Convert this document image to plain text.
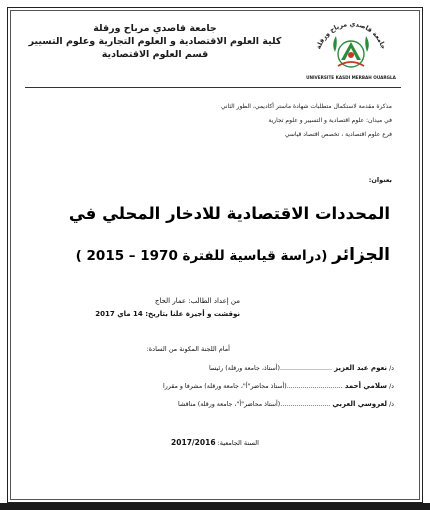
جامعة قاصدي مرباح ورقلة
UNIVERSITE KASDI MERBAH OUARGLA
جامعة قاصدي مرباح ورقلة
كلية العلوم الاقتصادية و العلوم التجارية وعلوم التسيير
قسم العلوم الاقتصادية
مذكرة مقدمة لاستكمال متطلبات شهادة ماستر أكاديمي، الطور الثاني
في ميدان: علوم اقتصادية و التسيير و علوم تجارية
فرع علوم اقتصادية ، تخصص اقتصاد قياسي
بعنوان:
المحددات الاقتصادية للادخار المحلي في
الجزائر (دراسة قياسية للفترة 1970 – 2015 )
من إعداد الطالب: عمار الحاج
نوقشت و أجيزة علنا بتاريخ: 14 ماي 2017
أمام اللجنة المكونة من السادة:
د/ نعوم عبد العزيز ..........................(أستاذ، جامعة ورقلة) رئيسا
د/ سلامي أحمد ............................(أستاذ محاضر"أ"، جامعة ورقلة) مشرفا و مقررا
د/ لعروسي العربي .........................(أستاذ محاضر"أ"، جامعة ورقلة) مناقشا
السنة الجامعية: 2017/2016
